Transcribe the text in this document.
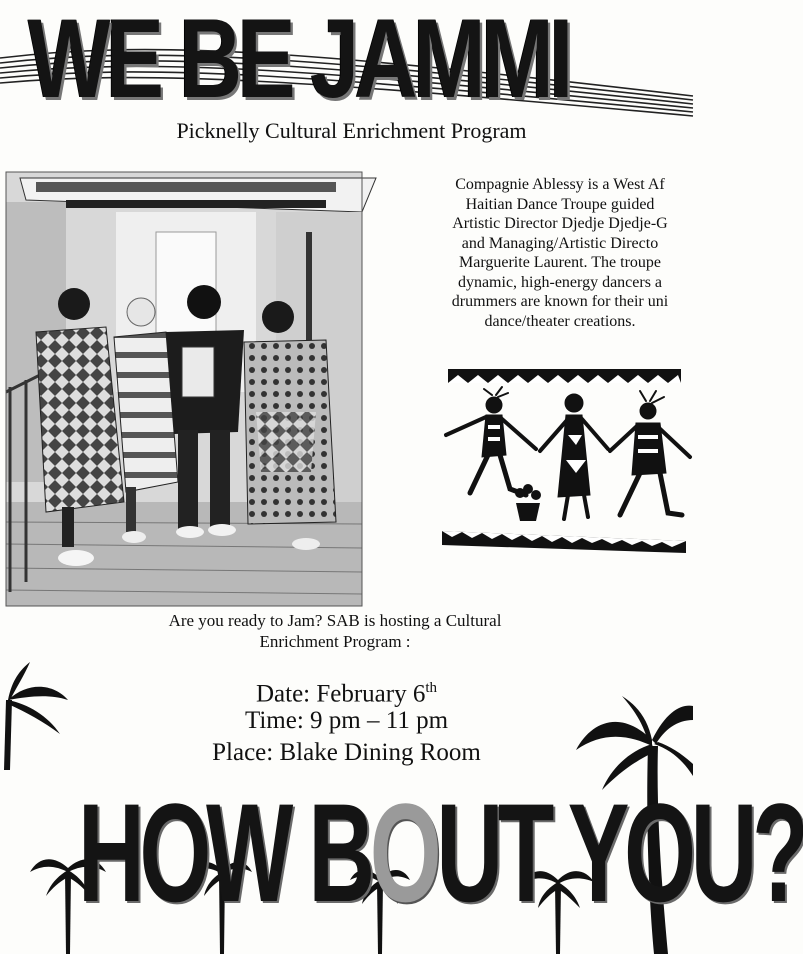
WE BE JAMMI
Picknelly Cultural Enrichment Program
Compagnie Ablessy is a West Af
Haitian Dance Troupe guided
Artistic Director Djedje Djedje-G
and Managing/Artistic Directo
Marguerite Laurent. The troupe
dynamic, high-energy dancers a
drummers are known for their uni
dance/theater creations.
Are you ready to Jam? SAB is hosting a Cultural
Enrichment Program :
Date: February 6th
Time: 9 pm – 11 pm
Place: Blake Dining Room
HOW BOUT YOU?
